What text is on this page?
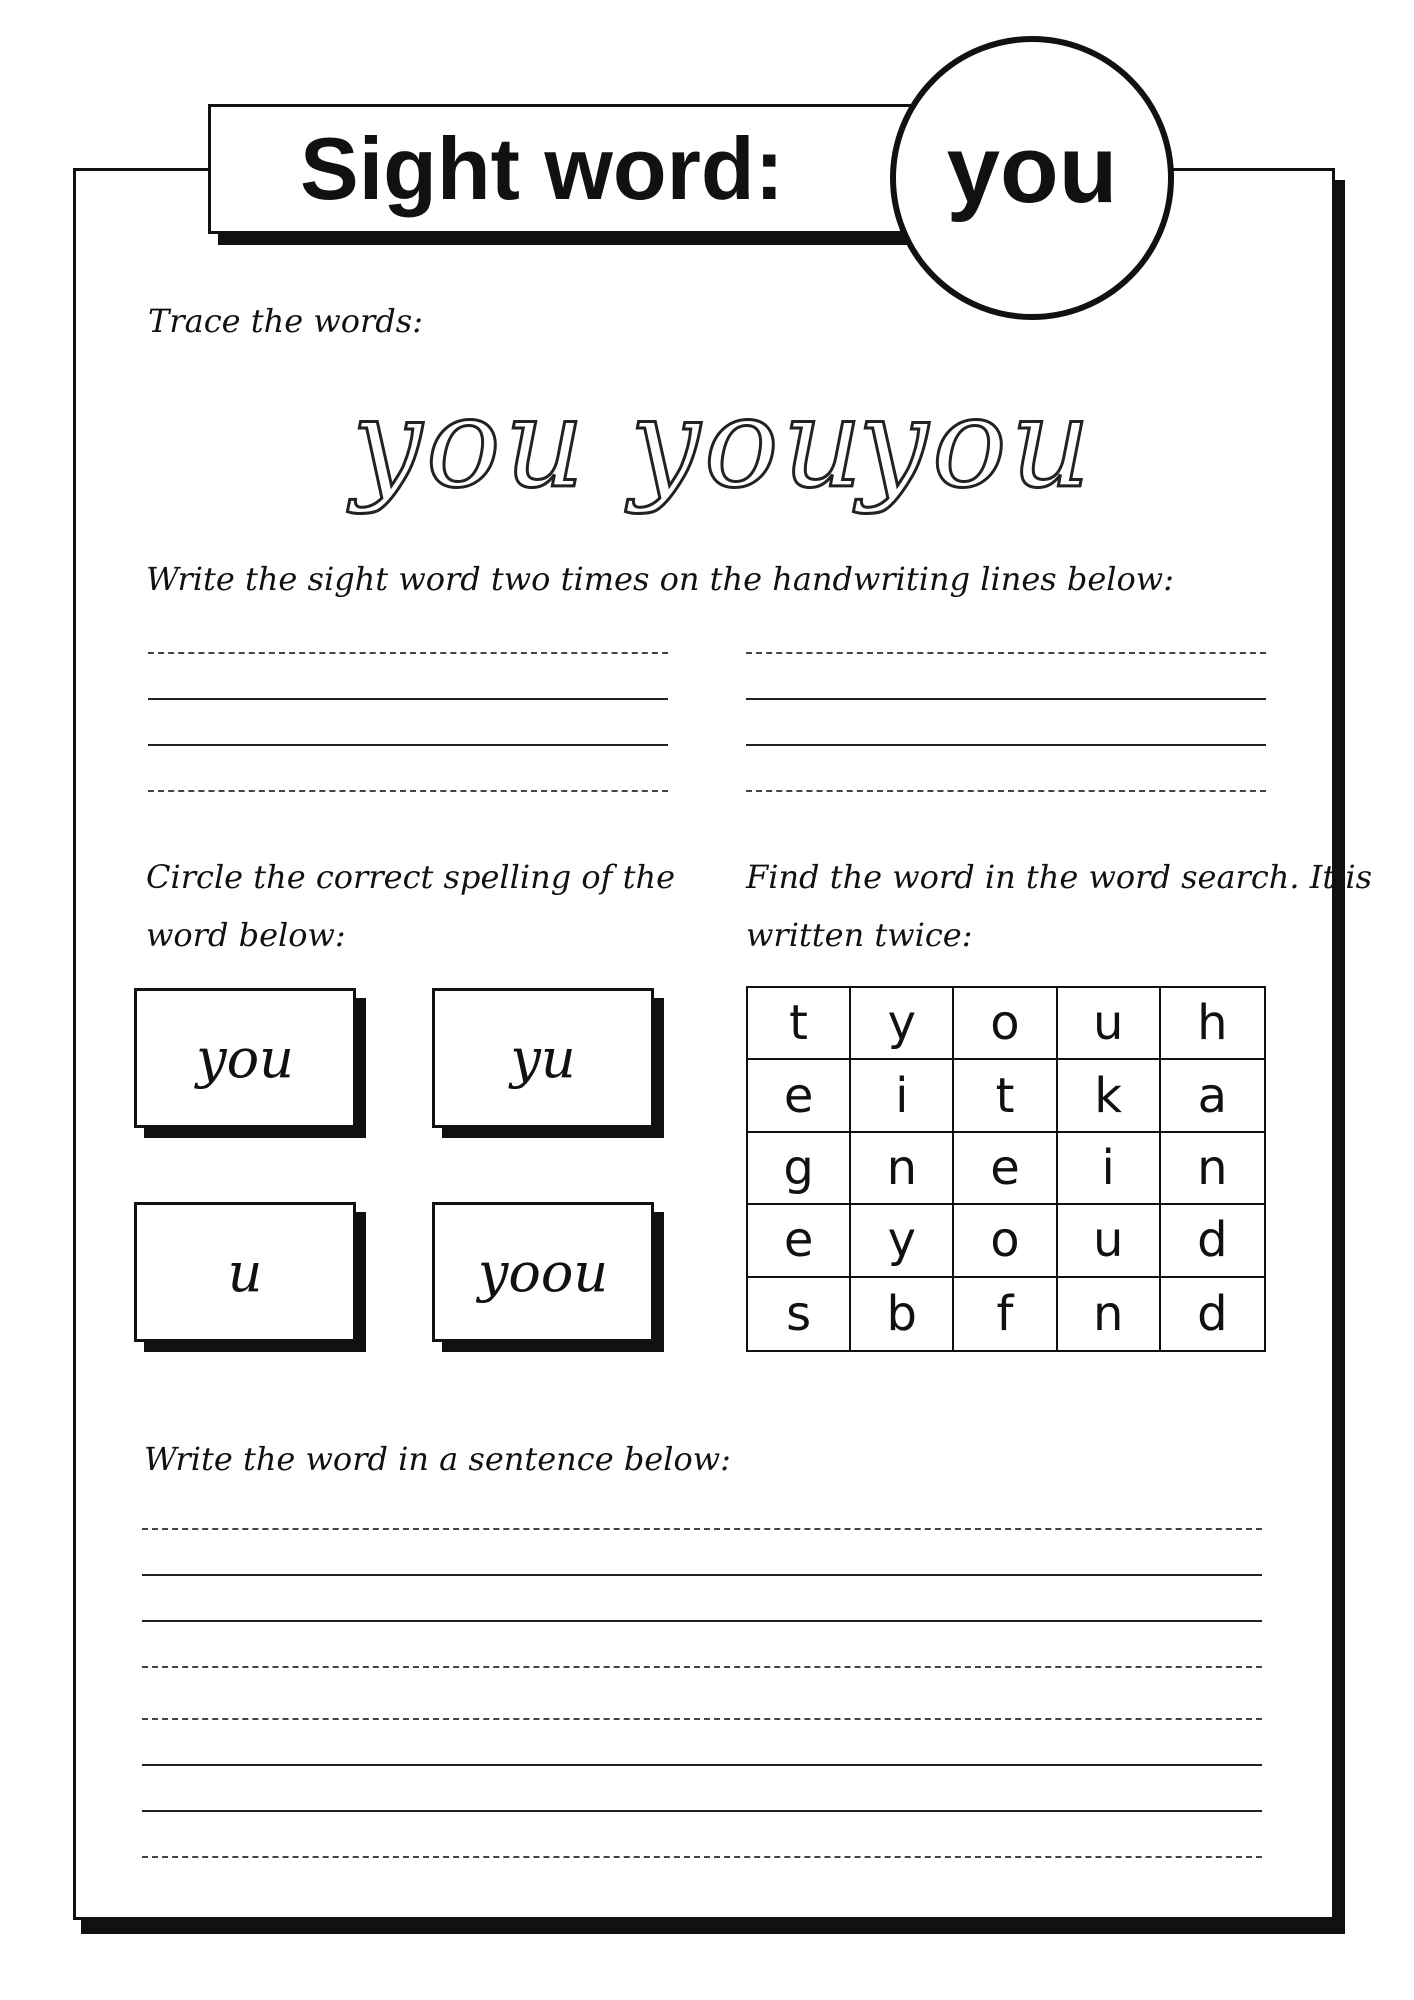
Sight word:	you
Trace the words:
you you
you
Write the sight word two times on the handwriting lines below:
Circle the correct spelling of the
word below:
you	yu
u	yoou
Find the word in the word search. It is
written twice:
t	y	o	u	h
e	i	t	k	a
g	n	e	i	n
e	y	o	u	d
s	b	f	n	d
Write the word in a sentence below:
